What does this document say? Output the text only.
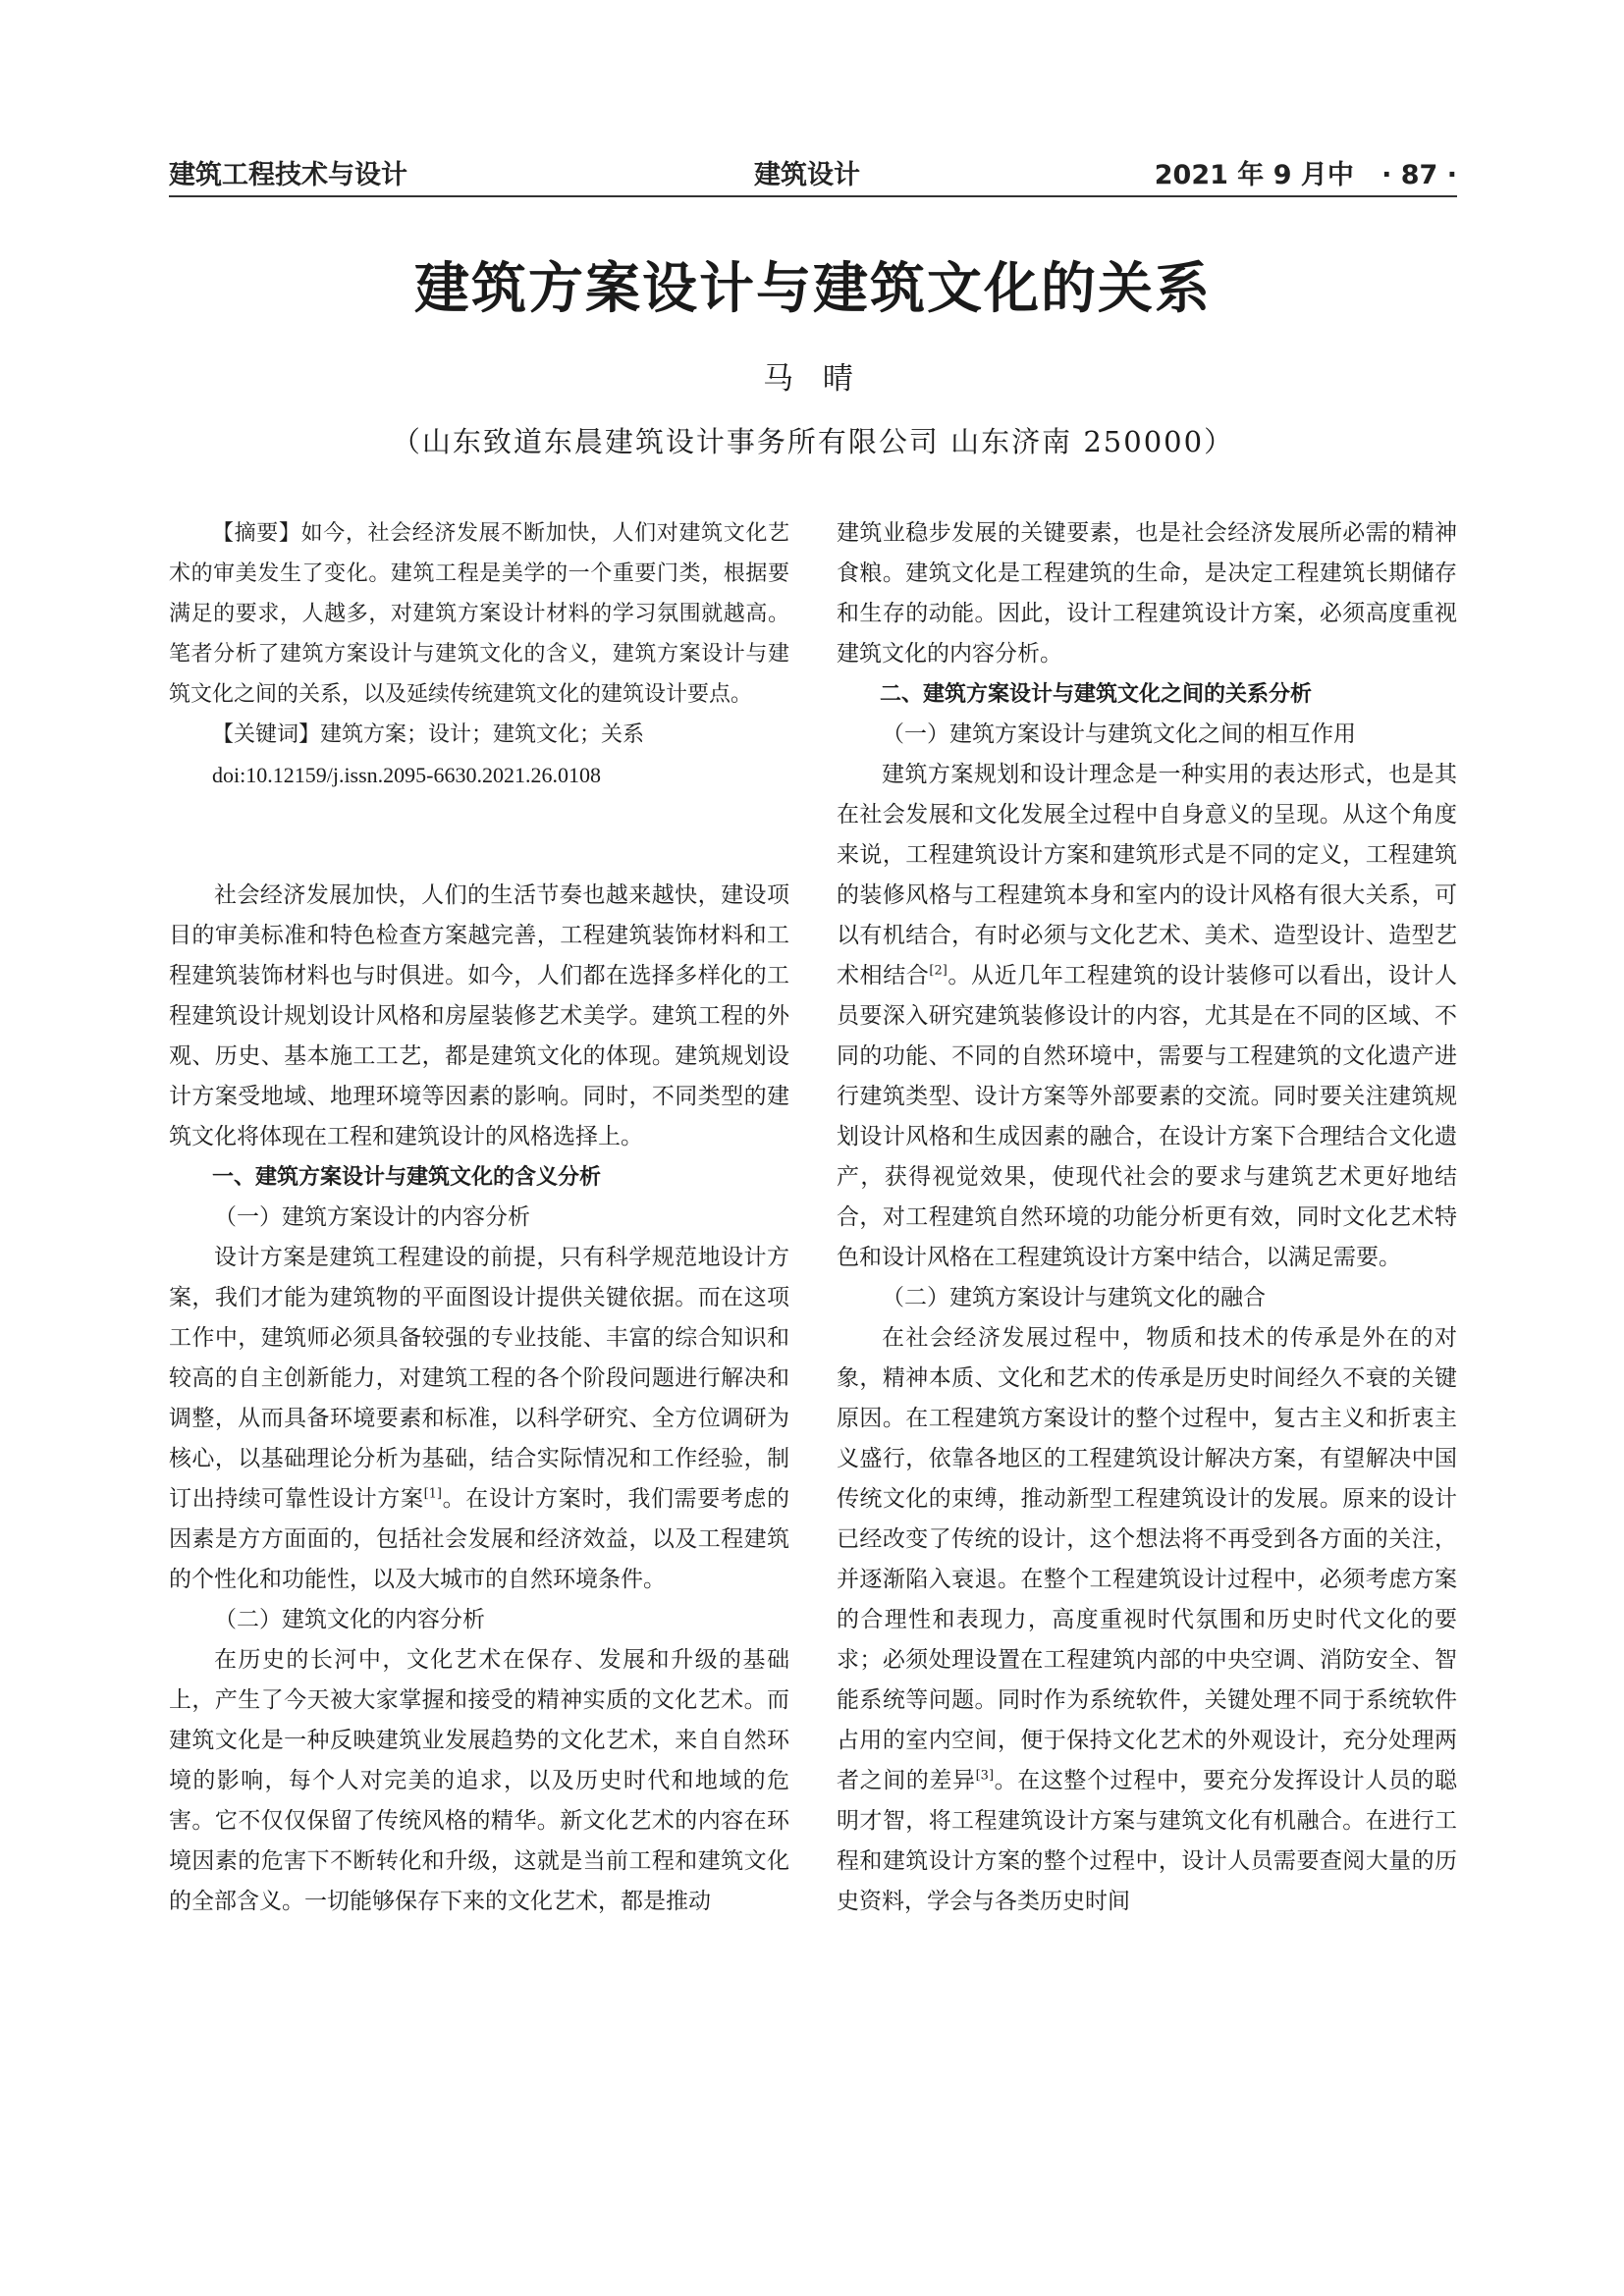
建筑工程技术与设计	建筑设计	2021 年 9 月中 · 87 ·
建筑方案设计与建筑文化的关系
马 晴
（山东致道东晨建筑设计事务所有限公司 山东济南 250000）

【摘要】如今，社会经济发展不断加快，人们对建筑文化艺术的审美发生了变化。建筑工程是美学的一个重要门类，根据要满足的要求，人越多，对建筑方案设计材料的学习氛围就越高。笔者分析了建筑方案设计与建筑文化的含义，建筑方案设计与建筑文化之间的关系，以及延续传统建筑文化的建筑设计要点。

【关键词】建筑方案；设计；建筑文化；关系

doi:10.12159/j.issn.2095-6630.2021.26.0108

社会经济发展加快，人们的生活节奏也越来越快，建设项目的审美标准和特色检查方案越完善，工程建筑装饰材料和工程建筑装饰材料也与时俱进。如今，人们都在选择多样化的工程建筑设计规划设计风格和房屋装修艺术美学。建筑工程的外观、历史、基本施工工艺，都是建筑文化的体现。建筑规划设计方案受地域、地理环境等因素的影响。同时，不同类型的建筑文化将体现在工程和建筑设计的风格选择上。

一、建筑方案设计与建筑文化的含义分析
（一）建筑方案设计的内容分析

设计方案是建筑工程建设的前提，只有科学规范地设计方案，我们才能为建筑物的平面图设计提供关键依据。而在这项工作中，建筑师必须具备较强的专业技能、丰富的综合知识和较高的自主创新能力，对建筑工程的各个阶段问题进行解决和调整，从而具备环境要素和标准，以科学研究、全方位调研为核心，以基础理论分析为基础，结合实际情况和工作经验，制订出持续可靠性设计方案[1]。在设计方案时，我们需要考虑的因素是方方面面的，包括社会发展和经济效益，以及工程建筑的个性化和功能性，以及大城市的自然环境条件。

（二）建筑文化的内容分析

在历史的长河中，文化艺术在保存、发展和升级的基础上，产生了今天被大家掌握和接受的精神实质的文化艺术。而建筑文化是一种反映建筑业发展趋势的文化艺术，来自自然环境的影响，每个人对完美的追求，以及历史时代和地域的危害。它不仅仅保留了传统风格的精华。新文化艺术的内容在环境因素的危害下不断转化和升级，这就是当前工程和建筑文化的全部含义。一切能够保存下来的文化艺术，都是推动

建筑业稳步发展的关键要素，也是社会经济发展所必需的精神食粮。建筑文化是工程建筑的生命，是决定工程建筑长期储存和生存的动能。因此，设计工程建筑设计方案，必须高度重视建筑文化的内容分析。

二、建筑方案设计与建筑文化之间的关系分析
（一）建筑方案设计与建筑文化之间的相互作用

建筑方案规划和设计理念是一种实用的表达形式，也是其在社会发展和文化发展全过程中自身意义的呈现。从这个角度来说，工程建筑设计方案和建筑形式是不同的定义，工程建筑的装修风格与工程建筑本身和室内的设计风格有很大关系，可以有机结合，有时必须与文化艺术、美术、造型设计、造型艺术相结合[2]。从近几年工程建筑的设计装修可以看出，设计人员要深入研究建筑装修设计的内容，尤其是在不同的区域、不同的功能、不同的自然环境中，需要与工程建筑的文化遗产进行建筑类型、设计方案等外部要素的交流。同时要关注建筑规划设计风格和生成因素的融合，在设计方案下合理结合文化遗产，获得视觉效果，使现代社会的要求与建筑艺术更好地结合，对工程建筑自然环境的功能分析更有效，同时文化艺术特色和设计风格在工程建筑设计方案中结合，以满足需要。

（二）建筑方案设计与建筑文化的融合

在社会经济发展过程中，物质和技术的传承是外在的对象，精神本质、文化和艺术的传承是历史时间经久不衰的关键原因。在工程建筑方案设计的整个过程中，复古主义和折衷主义盛行，依靠各地区的工程建筑设计解决方案，有望解决中国传统文化的束缚，推动新型工程建筑设计的发展。原来的设计已经改变了传统的设计，这个想法将不再受到各方面的关注，并逐渐陷入衰退。在整个工程建筑设计过程中，必须考虑方案的合理性和表现力，高度重视时代氛围和历史时代文化的要求；必须处理设置在工程建筑内部的中央空调、消防安全、智能系统等问题。同时作为系统软件，关键处理不同于系统软件占用的室内空间，便于保持文化艺术的外观设计，充分处理两者之间的差异[3]。在这整个过程中，要充分发挥设计人员的聪明才智，将工程建筑设计方案与建筑文化有机融合。在进行工程和建筑设计方案的整个过程中，设计人员需要查阅大量的历史资料，学会与各类历史时间
